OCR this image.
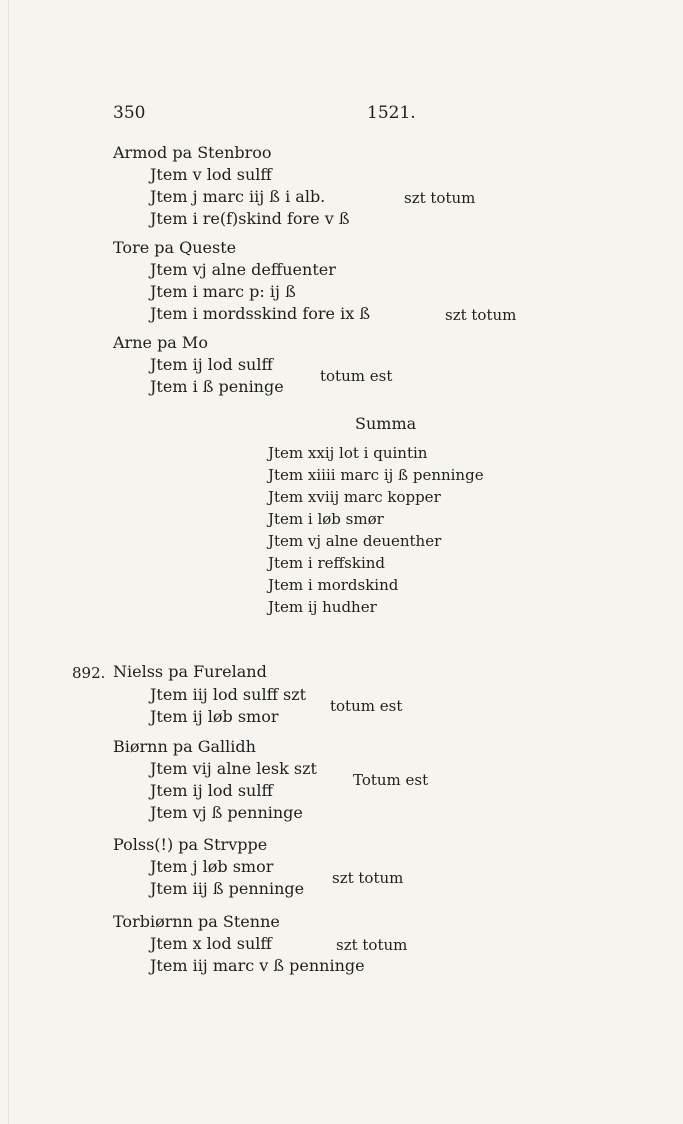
350	1521.
Armod pa Stenbroo
Jtem v lod sulff
Jtem j marc iij ß i alb.
Jtem i re(f)skind fore v ß
szt totum
Tore pa Queste
Jtem vj alne deffuenter
Jtem i marc p: ij ß
Jtem i mordsskind fore ix ß	szt totum
Arne pa Mo
Jtem ij lod sulff
Jtem i ß peninge
totum est
Summa
Jtem xxij lot i quintin
Jtem xiiii marc ij ß penninge
Jtem xviij marc kopper
Jtem i løb smør
Jtem vj alne deuenther
Jtem i reffskind
Jtem i mordskind
Jtem ij hudher
892. Nielss pa Fureland
Jtem iij lod sulff szt
Jtem ij løb smor
totum est
Biørnn pa Gallidh
Jtem vij alne lesk szt
Jtem ij lod sulff
Jtem vj ß penninge
Totum est
Polss(!) pa Strvppe
Jtem j løb smor
Jtem iij ß penninge
szt totum
Torbiørnn pa Stenne
Jtem x lod sulff
Jtem iij marc v ß penninge
szt totum
